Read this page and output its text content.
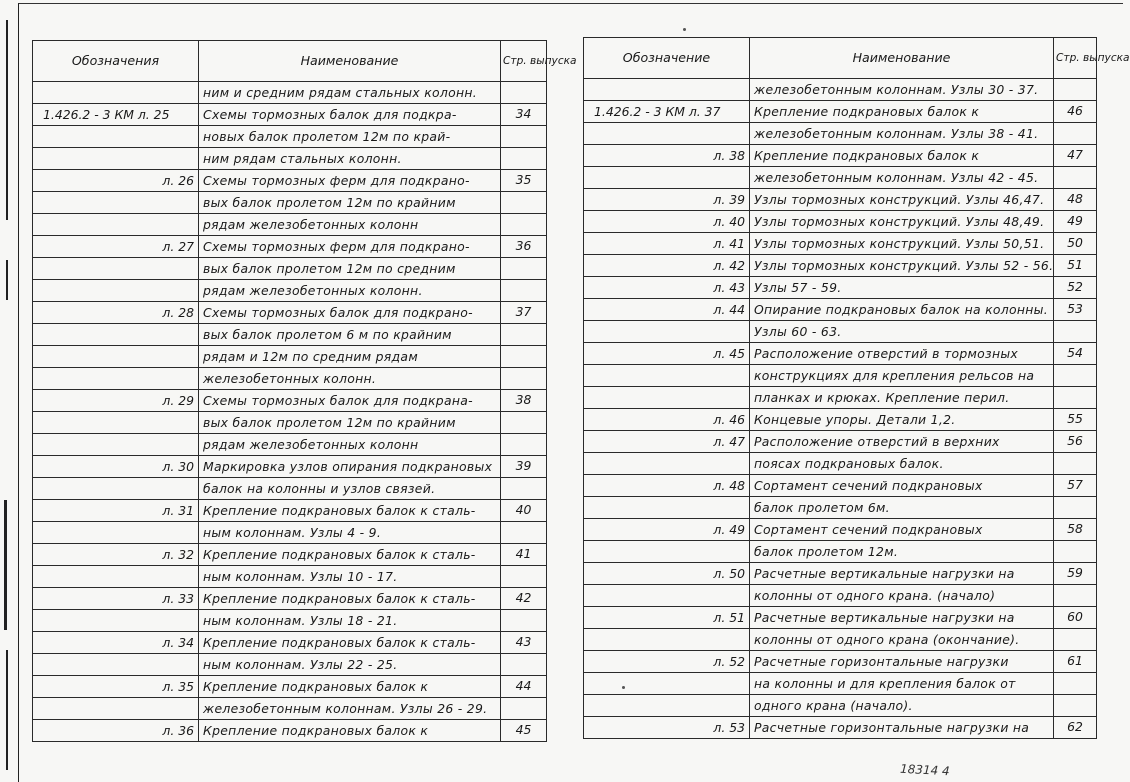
Обозначения	Наименование	Стр. выпуска
	ним и средним рядам стальных колонн.	
1.426.2 - 3 КМ л. 25	Схемы тормозных балок для подкра-	34
	новых балок пролетом 12м по край-	
	ним рядам стальных колонн.	
л. 26	Схемы тормозных ферм для подкрано-	35
	вых балок пролетом 12м по крайним	
	рядам железобетонных колонн	
л. 27	Схемы тормозных ферм для подкрано-	36
	вых балок пролетом 12м по средним	
	рядам железобетонных колонн.	
л. 28	Схемы тормозных балок для подкрано-	37
	вых балок пролетом 6 м по крайним	
	рядам и 12м по средним рядам	
	железобетонных колонн.	
л. 29	Схемы тормозных балок для подкрана-	38
	вых балок пролетом 12м по крайним	
	рядам железобетонных колонн	
л. 30	Маркировка узлов опирания подкрановых	39
	балок на колонны и узлов связей.	
л. 31	Крепление подкрановых балок к сталь-	40
	ным колоннам. Узлы 4 - 9.	
л. 32	Крепление подкрановых балок к сталь-	41
	ным колоннам. Узлы 10 - 17.	
л. 33	Крепление подкрановых балок к сталь-	42
	ным колоннам. Узлы 18 - 21.	
л. 34	Крепление подкрановых балок к сталь-	43
	ным колоннам. Узлы 22 - 25.	
л. 35	Крепление подкрановых балок к	44
	железобетонным колоннам. Узлы 26 - 29.	
л. 36	Крепление подкрановых балок к	45
Обозначение	Наименование	Стр. выпуска
	железобетонным колоннам. Узлы 30 - 37.	
1.426.2 - 3 КМ л. 37	Крепление подкрановых балок к	46
	железобетонным колоннам. Узлы 38 - 41.	
л. 38	Крепление подкрановых балок к	47
	железобетонным колоннам. Узлы 42 - 45.	
л. 39	Узлы тормозных конструкций. Узлы 46,47.	48
л. 40	Узлы тормозных конструкций. Узлы 48,49.	49
л. 41	Узлы тормозных конструкций. Узлы 50,51.	50
л. 42	Узлы тормозных конструкций. Узлы 52 - 56.	51
л. 43	Узлы 57 - 59.	52
л. 44	Опирание подкрановых балок на колонны.	53
	Узлы 60 - 63.	
л. 45	Расположение отверстий в тормозных	54
	конструкциях для крепления рельсов на	
	планках и крюках. Крепление перил.	
л. 46	Концевые упоры. Детали 1,2.	55
л. 47	Расположение отверстий в верхних	56
	поясах подкрановых балок.	
л. 48	Сортамент сечений подкрановых	57
	балок пролетом 6м.	
л. 49	Сортамент сечений подкрановых	58
	балок пролетом 12м.	
л. 50	Расчетные вертикальные нагрузки на	59
	колонны от одного крана. (начало)	
л. 51	Расчетные вертикальные нагрузки на	60
	колонны от одного крана (окончание).	
л. 52	Расчетные горизонтальные нагрузки	61
	на колонны и для крепления балок от	
	одного крана (начало).	
л. 53	Расчетные горизонтальные нагрузки на	62
18314 4
